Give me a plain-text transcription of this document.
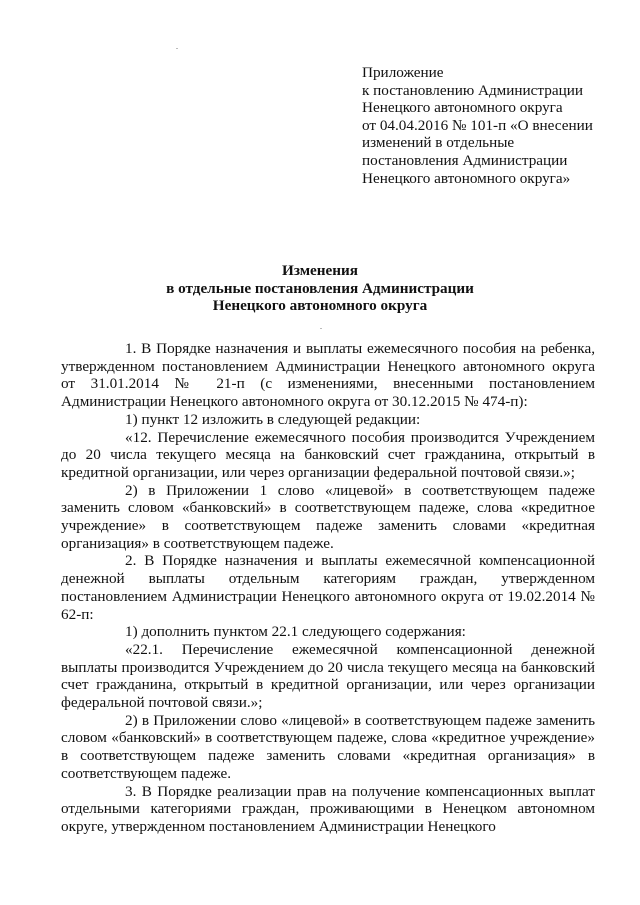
Приложение
к постановлению Администрации
Ненецкого автономного округа
от 04.04.2016 № 101-п «О внесении
изменений в отдельные
постановления Администрации
Ненецкого автономного округа»
Изменения
в отдельные постановления Администрации
Ненецкого автономного округа

1. В Порядке назначения и выплаты ежемесячного пособия на ребенка, утвержденном постановлением Администрации Ненецкого автономного округа от 31.01.2014 № 21-п (с изменениями, внесенными постановлением Администрации Ненецкого автономного округа от 30.12.2015 № 474-п):

1) пункт 12 изложить в следующей редакции:

«12. Перечисление ежемесячного пособия производится Учреждением до 20 числа текущего месяца на банковский счет гражданина, открытый в кредитной организации, или через организации федеральной почтовой связи.»;

2) в Приложении 1 слово «лицевой» в соответствующем падеже заменить словом «банковский» в соответствующем падеже, слова «кредитное учреждение» в соответствующем падеже заменить словами «кредитная организация» в соответствующем падеже.

2. В Порядке назначения и выплаты ежемесячной компенсационной денежной выплаты отдельным категориям граждан, утвержденном постановлением Администрации Ненецкого автономного округа от 19.02.2014 № 62-п:

1) дополнить пунктом 22.1 следующего содержания:

«22.1. Перечисление ежемесячной компенсационной денежной выплаты производится Учреждением до 20 числа текущего месяца на банковский счет гражданина, открытый в кредитной организации, или через организации федеральной почтовой связи.»;

2) в Приложении слово «лицевой» в соответствующем падеже заменить словом «банковский» в соответствующем падеже, слова «кредитное учреждение» в соответствующем падеже заменить словами «кредитная организация» в соответствующем падеже.

3. В Порядке реализации прав на получение компенсационных выплат отдельными категориями граждан, проживающими в Ненецком автономном округе, утвержденном постановлением Администрации Ненецкого
